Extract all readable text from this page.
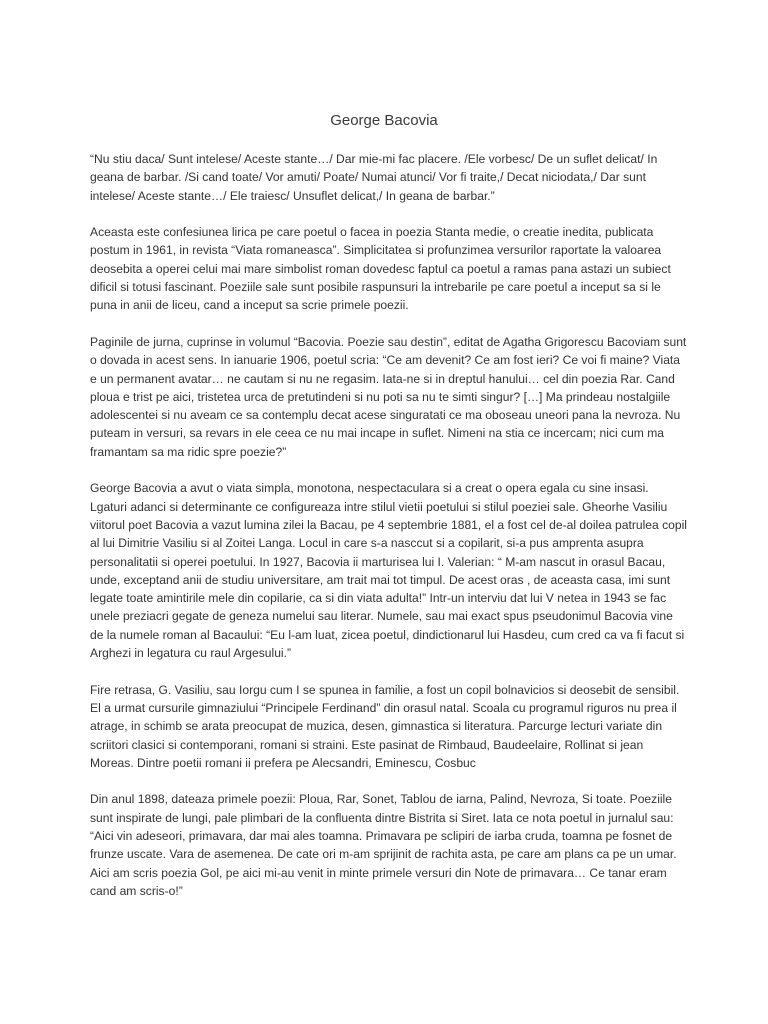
George Bacovia

“Nu stiu daca/ Sunt intelese/ Aceste stante…/ Dar mie-mi fac placere. /Ele vorbesc/ De un suflet delicat/ In geana de barbar. /Si cand toate/ Vor amuti/ Poate/ Numai atunci/ Vor fi traite,/ Decat niciodata,/ Dar sunt intelese/ Aceste stante…/ Ele traiesc/ Unsuflet delicat,/ In geana de barbar.”

Aceasta este confesiunea lirica pe care poetul o facea in poezia Stanta medie, o creatie inedita, publicata postum in 1961, in revista “Viata romaneasca”. Simplicitatea si profunzimea versurilor raportate la valoarea deosebita a operei celui mai mare simbolist roman dovedesc faptul ca poetul a ramas pana astazi un subiect dificil si totusi fascinant. Poeziile sale sunt posibile raspunsuri la intrebarile pe care poetul a inceput sa si le puna in anii de liceu, cand a inceput sa scrie primele poezii.

Paginile de jurna, cuprinse in volumul “Bacovia. Poezie sau destin”, editat de Agatha Grigorescu Bacoviam sunt o dovada in acest sens. In ianuarie 1906, poetul scria: “Ce am devenit? Ce am fost ieri? Ce voi fi maine? Viata e un permanent avatar… ne cautam si nu ne regasim. Iata-ne si in dreptul hanului… cel din poezia Rar. Cand ploua e trist pe aici, tristetea urca de pretutindeni si nu poti sa nu te simti singur? […] Ma prindeau nostalgiile adolescentei si nu aveam ce sa contemplu decat acese singuratati ce ma oboseau uneori pana la nevroza. Nu puteam in versuri, sa revars in ele ceea ce nu mai incape in suflet. Nimeni na stia ce incercam; nici cum ma framantam sa ma ridic spre poezie?”

George Bacovia a avut o viata simpla, monotona, nespectaculara si a creat o opera egala cu sine insasi. Lgaturi adanci si determinante ce configureaza intre stilul vietii poetului si stilul poeziei sale. Gheorhe Vasiliu viitorul poet Bacovia a vazut lumina zilei la Bacau, pe 4 septembrie 1881, el a fost cel de-al doilea patrulea copil al lui Dimitrie Vasiliu si al Zoitei Langa. Locul in care s-a nasccut si a copilarit, si-a pus amprenta asupra personalitatii si operei poetului. In 1927, Bacovia ii marturisea lui I. Valerian: “ M-am nascut in orasul Bacau, unde, exceptand anii de studiu universitare, am trait mai tot timpul. De acest oras , de aceasta casa, imi sunt legate toate amintirile mele din copilarie, ca si din viata adulta!” Intr-un interviu dat lui V netea in 1943 se fac unele preziacri gegate de geneza numelui sau literar. Numele, sau mai exact spus pseudonimul Bacovia vine de la numele roman al Bacaului: “Eu l-am luat, zicea poetul, dindictionarul lui Hasdeu, cum cred ca va fi facut si Arghezi in legatura cu raul Argesului.”

Fire retrasa, G. Vasiliu, sau Iorgu cum I se spunea in familie, a fost un copil bolnavicios si deosebit de sensibil. El a urmat cursurile gimnaziului “Principele Ferdinand” din orasul natal. Scoala cu programul riguros nu prea il atrage, in schimb se arata preocupat de muzica, desen, gimnastica si literatura. Parcurge lecturi variate din scriitori clasici si contemporani, romani si straini. Este pasinat de Rimbaud, Baudeelaire, Rollinat si jean Moreas. Dintre poetii romani ii prefera pe Alecsandri, Eminescu, Cosbuc

Din anul 1898, dateaza primele poezii: Ploua, Rar, Sonet, Tablou de iarna, Palind, Nevroza, Si toate. Poeziile sunt inspirate de lungi, pale plimbari de la confluenta dintre Bistrita si Siret. Iata ce nota poetul in jurnalul sau: “Aici vin adeseori, primavara, dar mai ales toamna. Primavara pe sclipiri de iarba cruda, toamna pe fosnet de frunze uscate. Vara de asemenea. De cate ori m-am sprijinit de rachita asta, pe care am plans ca pe un umar. Aici am scris poezia Gol, pe aici mi-au venit in minte primele versuri din Note de primavara… Ce tanar eram cand am scris-o!”
